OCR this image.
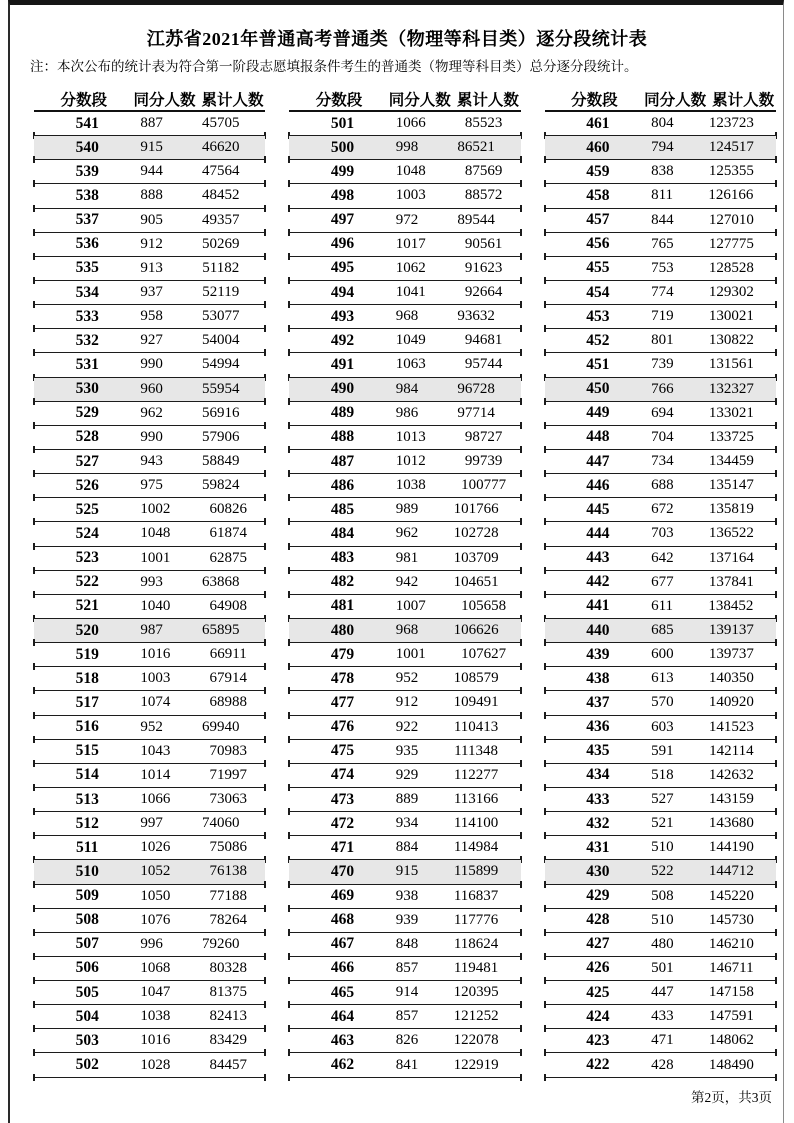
江苏省2021年普通高考普通类（物理等科目类）逐分段统计表
注：本次公布的统计表为符合第一阶段志愿填报条件考生的普通类（物理等科目类）总分逐分段统计。
分数段	同分人数 累计人数
541	887	45705
540	915	46620
539	944	47564
538	888	48452
537	905	49357
536	912	50269
535	913	51182
534	937	52119
533	958	53077
532	927	54004
531	990	54994
530	960	55954
529	962	56916
528	990	57906
527	943	58849
526	975	59824
525	1002	60826
524	1048	61874
523	1001	62875
522	993	63868
521	1040	64908
520	987	65895
519	1016	66911
518	1003	67914
517	1074	68988
516	952	69940
515	1043	70983
514	1014	71997
513	1066	73063
512	997	74060
511	1026	75086
510	1052	76138
509	1050	77188
508	1076	78264
507	996	79260
506	1068	80328
505	1047	81375
504	1038	82413
503	1016	83429
502	1028	84457
分数段	同分人数 累计人数
501	1066	85523
500	998	86521
499	1048	87569
498	1003	88572
497	972	89544
496	1017	90561
495	1062	91623
494	1041	92664
493	968	93632
492	1049	94681
491	1063	95744
490	984	96728
489	986	97714
488	1013	98727
487	1012	99739
486	1038	100777
485	989	101766
484	962	102728
483	981	103709
482	942	104651
481	1007	105658
480	968	106626
479	1001	107627
478	952	108579
477	912	109491
476	922	110413
475	935	111348
474	929	112277
473	889	113166
472	934	114100
471	884	114984
470	915	115899
469	938	116837
468	939	117776
467	848	118624
466	857	119481
465	914	120395
464	857	121252
463	826	122078
462	841	122919
分数段	同分人数 累计人数
461	804	123723
460	794	124517
459	838	125355
458	811	126166
457	844	127010
456	765	127775
455	753	128528
454	774	129302
453	719	130021
452	801	130822
451	739	131561
450	766	132327
449	694	133021
448	704	133725
447	734	134459
446	688	135147
445	672	135819
444	703	136522
443	642	137164
442	677	137841
441	611	138452
440	685	139137
439	600	139737
438	613	140350
437	570	140920
436	603	141523
435	591	142114
434	518	142632
433	527	143159
432	521	143680
431	510	144190
430	522	144712
429	508	145220
428	510	145730
427	480	146210
426	501	146711
425	447	147158
424	433	147591
423	471	148062
422	428	148490
第2页，共3页
